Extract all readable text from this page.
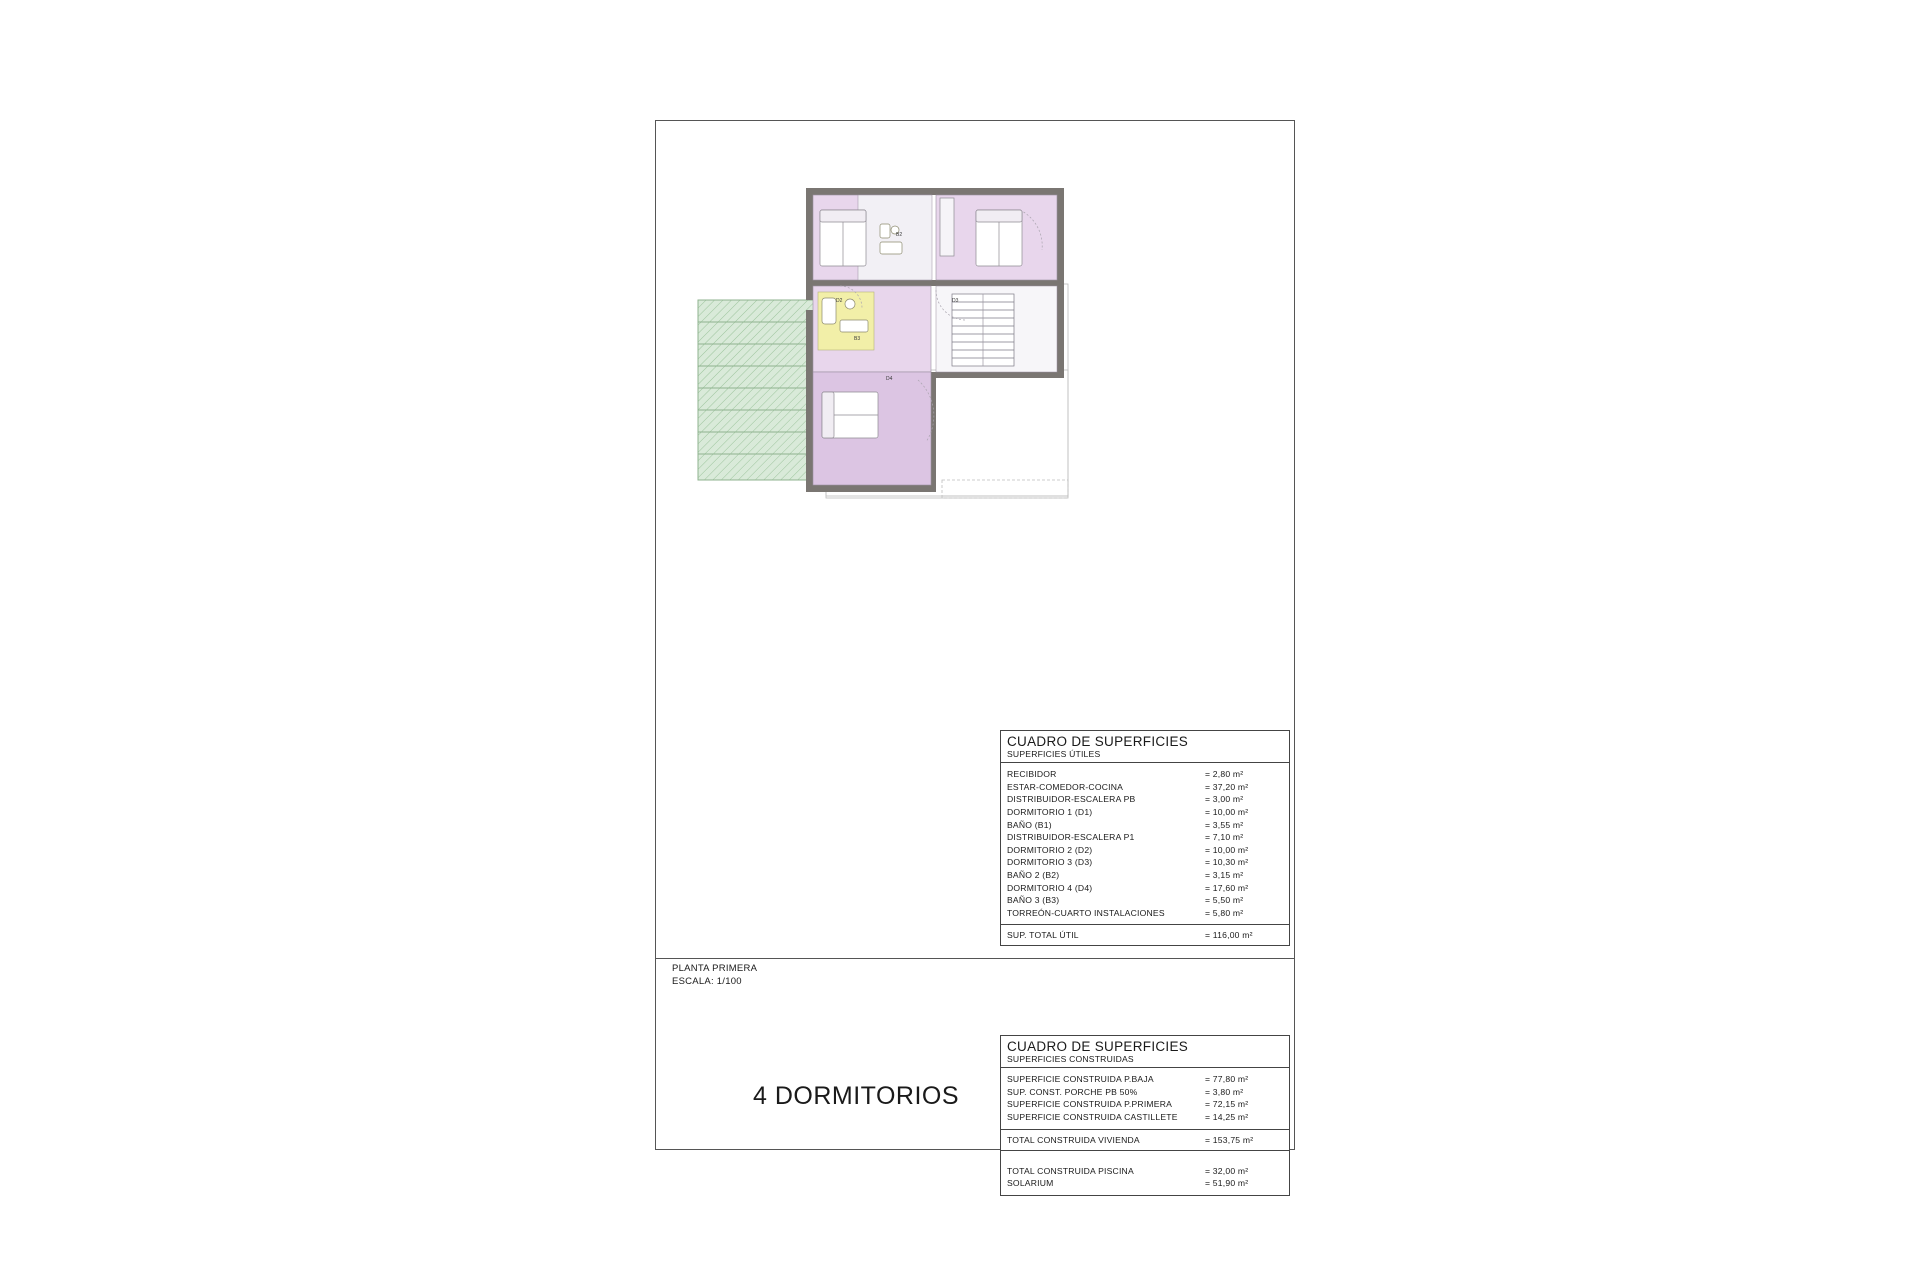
D2
B2
D3
B3
D4
PLANTA PRIMERA
ESCALA: 1/100
4 DORMITORIOS
CUADRO DE SUPERFICIES
SUPERFICIES ÚTILES
RECIBIDOR	= 2,80 m²
ESTAR-COMEDOR-COCINA	= 37,20 m²
DISTRIBUIDOR-ESCALERA PB	= 3,00 m²
DORMITORIO 1 (D1)	= 10,00 m²
BAÑO (B1)	= 3,55 m²
DISTRIBUIDOR-ESCALERA P1	= 7,10 m²
DORMITORIO 2 (D2)	= 10,00 m²
DORMITORIO 3 (D3)	= 10,30 m²
BAÑO 2 (B2)	= 3,15 m²
DORMITORIO 4 (D4)	= 17,60 m²
BAÑO 3 (B3)	= 5,50 m²
TORREÓN-CUARTO INSTALACIONES	= 5,80 m²
SUP. TOTAL ÚTIL	= 116,00 m²
CUADRO DE SUPERFICIES
SUPERFICIES CONSTRUIDAS
SUPERFICIE CONSTRUIDA P.BAJA	= 77,80 m²
SUP. CONST. PORCHE PB 50%	= 3,80 m²
SUPERFICIE CONSTRUIDA P.PRIMERA	= 72,15 m²
SUPERFICIE CONSTRUIDA CASTILLETE	= 14,25 m²
TOTAL CONSTRUIDA VIVIENDA	= 153,75 m²
TOTAL CONSTRUIDA PISCINA	= 32,00 m²
SOLARIUM	= 51,90 m²
